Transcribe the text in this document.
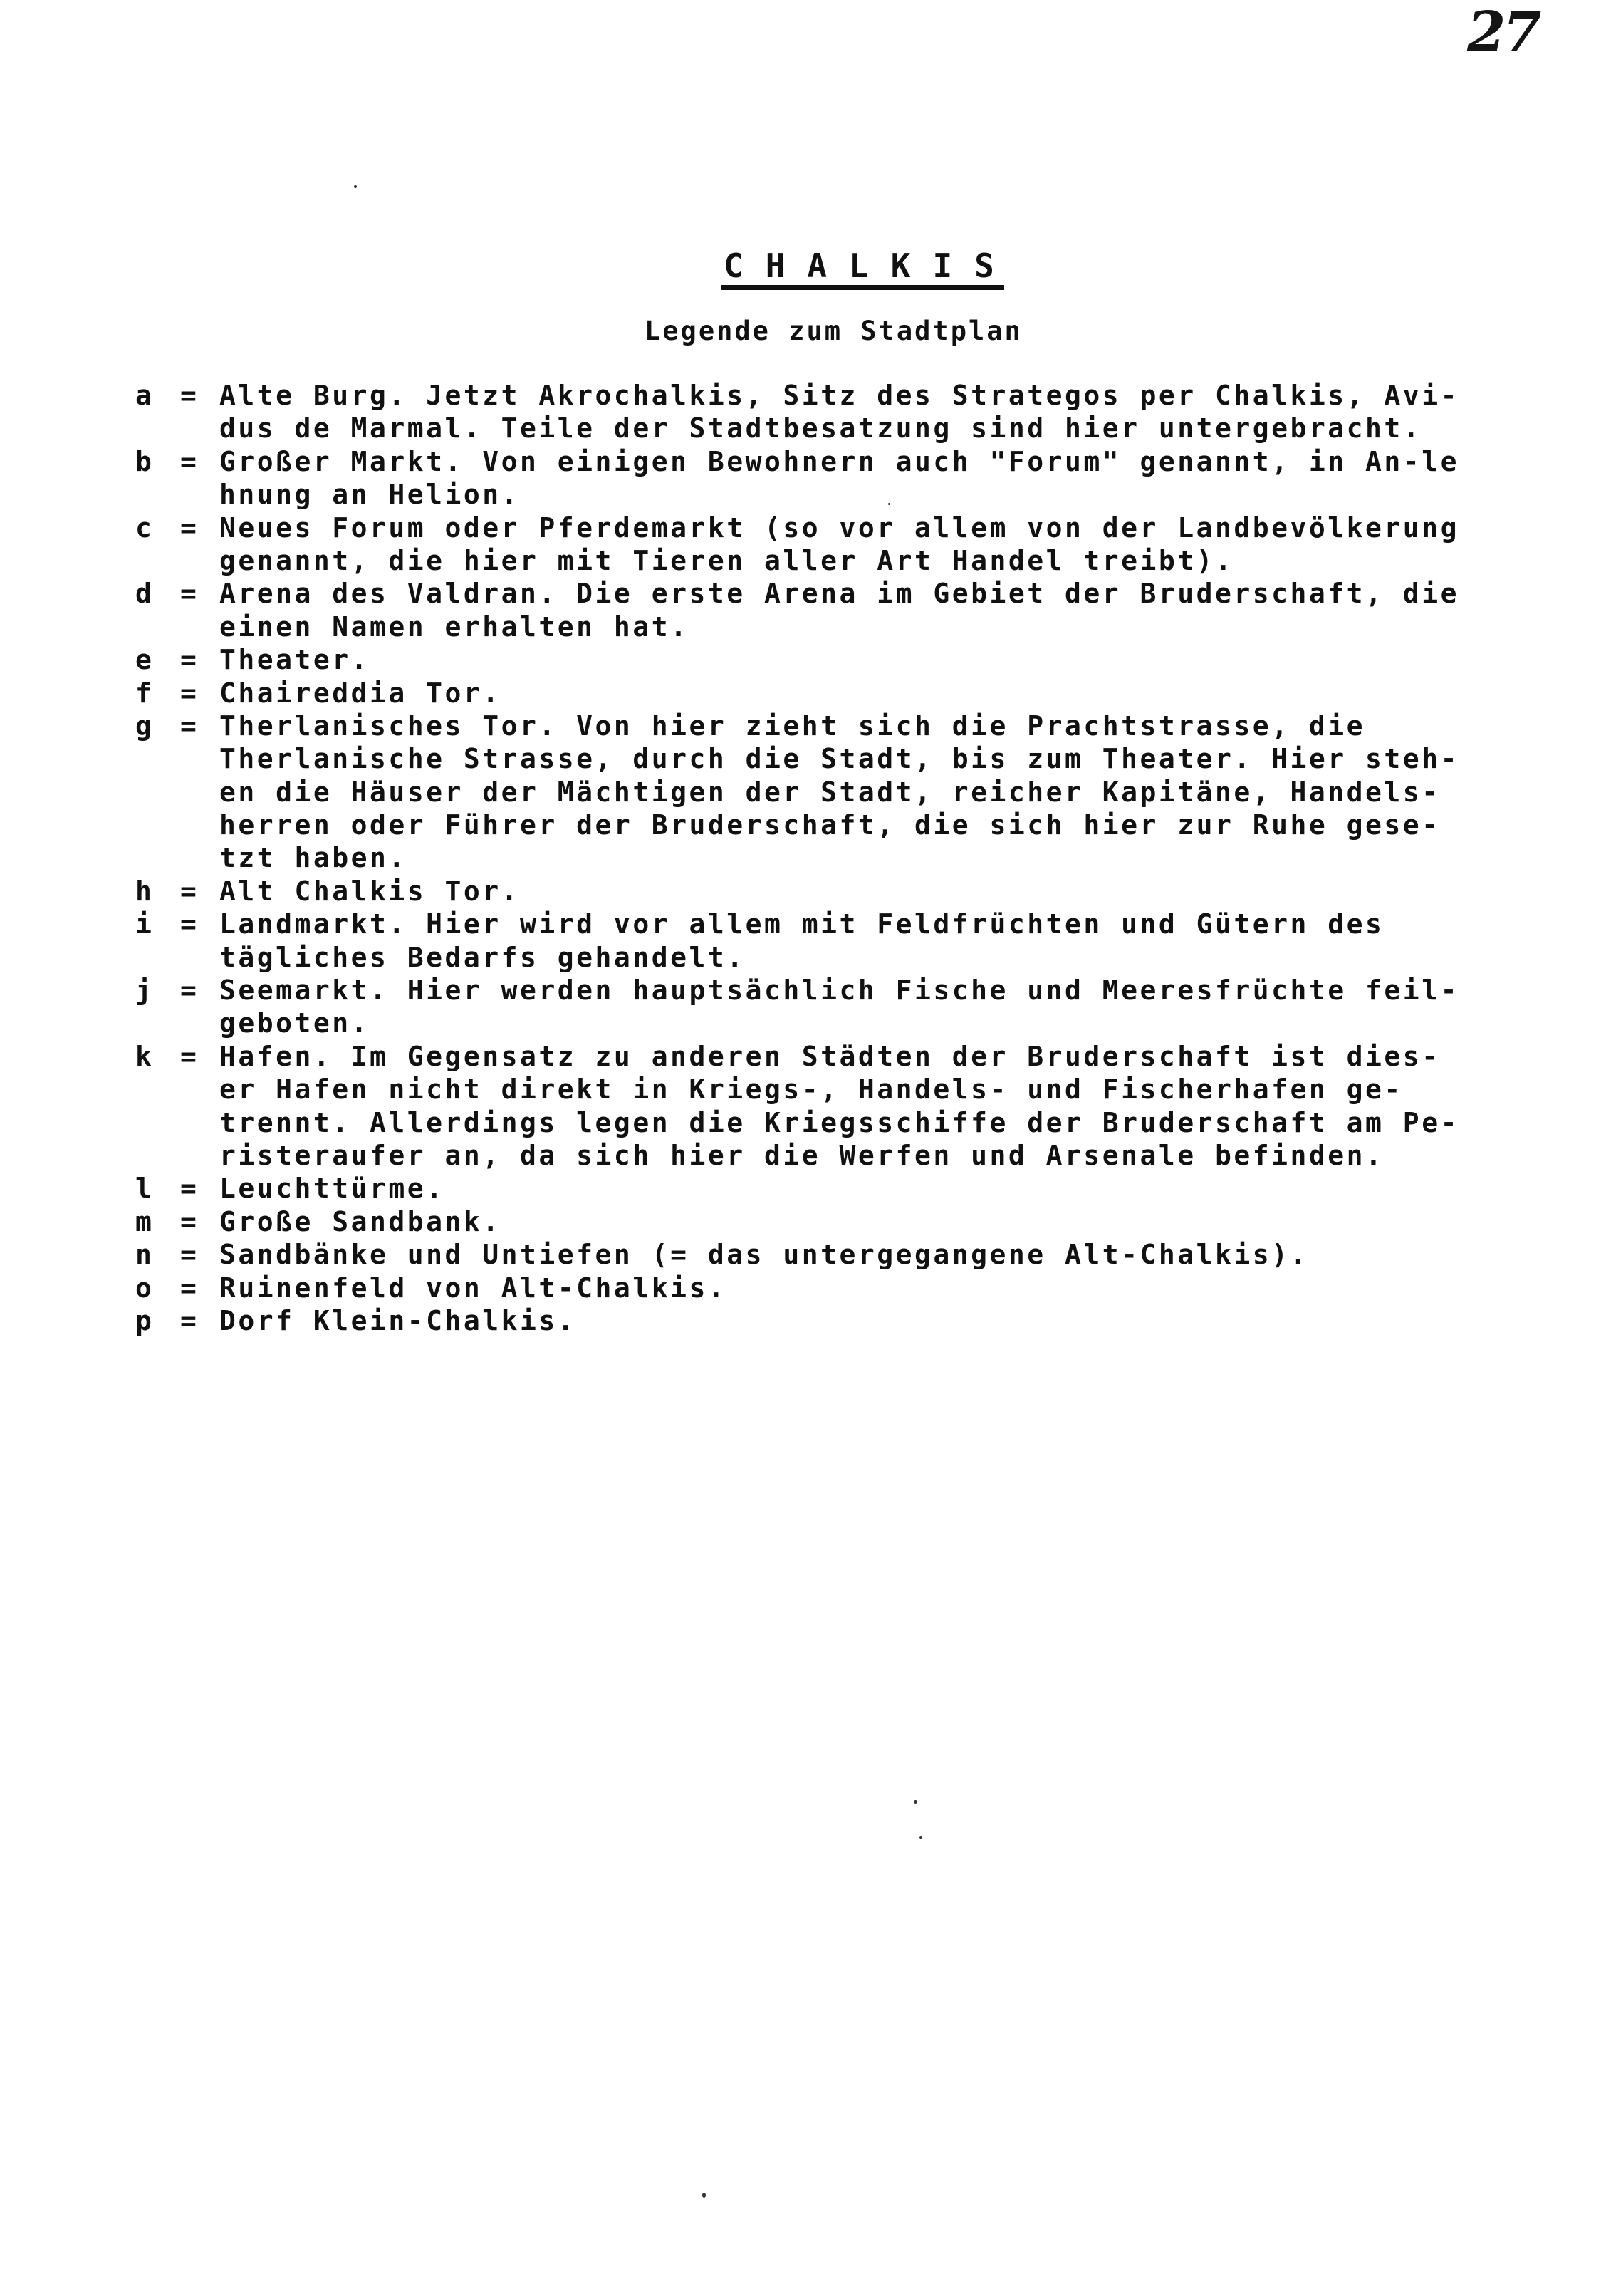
27
CHALKIS
Legende zum Stadtplan
a = Alte Burg. Jetzt Akrochalkis, Sitz des Strategos per Chalkis, Avi-
dus de Marmal. Teile der Stadtbesatzung sind hier untergebracht.
b = Großer Markt. Von einigen Bewohnern auch "Forum" genannt, in An-le
hnung an Helion.
c = Neues Forum oder Pferdemarkt (so vor allem von der Landbevölkerung
genannt, die hier mit Tieren aller Art Handel treibt).
d = Arena des Valdran. Die erste Arena im Gebiet der Bruderschaft, die
einen Namen erhalten hat.
e = Theater.
f = Chaireddia Tor.
g = Therlanisches Tor. Von hier zieht sich die Prachtstrasse, die
Therlanische Strasse, durch die Stadt, bis zum Theater. Hier steh-
en die Häuser der Mächtigen der Stadt, reicher Kapitäne, Handels-
herren oder Führer der Bruderschaft, die sich hier zur Ruhe gese-
tzt haben.
h = Alt Chalkis Tor.
i = Landmarkt. Hier wird vor allem mit Feldfrüchten und Gütern des
tägliches Bedarfs gehandelt.
j = Seemarkt. Hier werden hauptsächlich Fische und Meeresfrüchte feil-
geboten.
k = Hafen. Im Gegensatz zu anderen Städten der Bruderschaft ist dies-
er Hafen nicht direkt in Kriegs-, Handels- und Fischerhafen ge-
trennt. Allerdings legen die Kriegsschiffe der Bruderschaft am Pe-
risteraufer an, da sich hier die Werfen und Arsenale befinden.
l = Leuchttürme.
m = Große Sandbank.
n = Sandbänke und Untiefen (= das untergegangene Alt-Chalkis).
o = Ruinenfeld von Alt-Chalkis.
p = Dorf Klein-Chalkis.
